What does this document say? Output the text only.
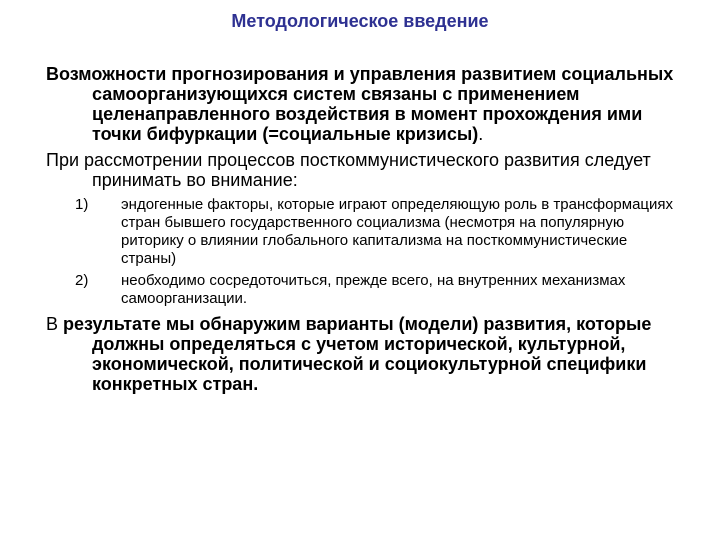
Методологическое введение

Возможности прогнозирования и управления развитием социальных самоорганизующихся систем связаны с применением целенаправленного воздействия в момент прохождения ими точки бифуркации (=социальные кризисы).

При рассмотрении процессов посткоммунистического развития следует принимать во внимание:

1) эндогенные факторы, которые играют определяющую роль в трансформациях стран бывшего государственного социализма (несмотря на популярную риторику о влиянии глобального капитализма на посткоммунистические страны)
2) необходимо сосредоточиться, прежде всего, на внутренних механизмах самоорганизации.

В результате мы обнаружим варианты (модели) развития, которые должны определяться с учетом исторической, культурной, экономической, политической и социокультурной специфики конкретных стран.
